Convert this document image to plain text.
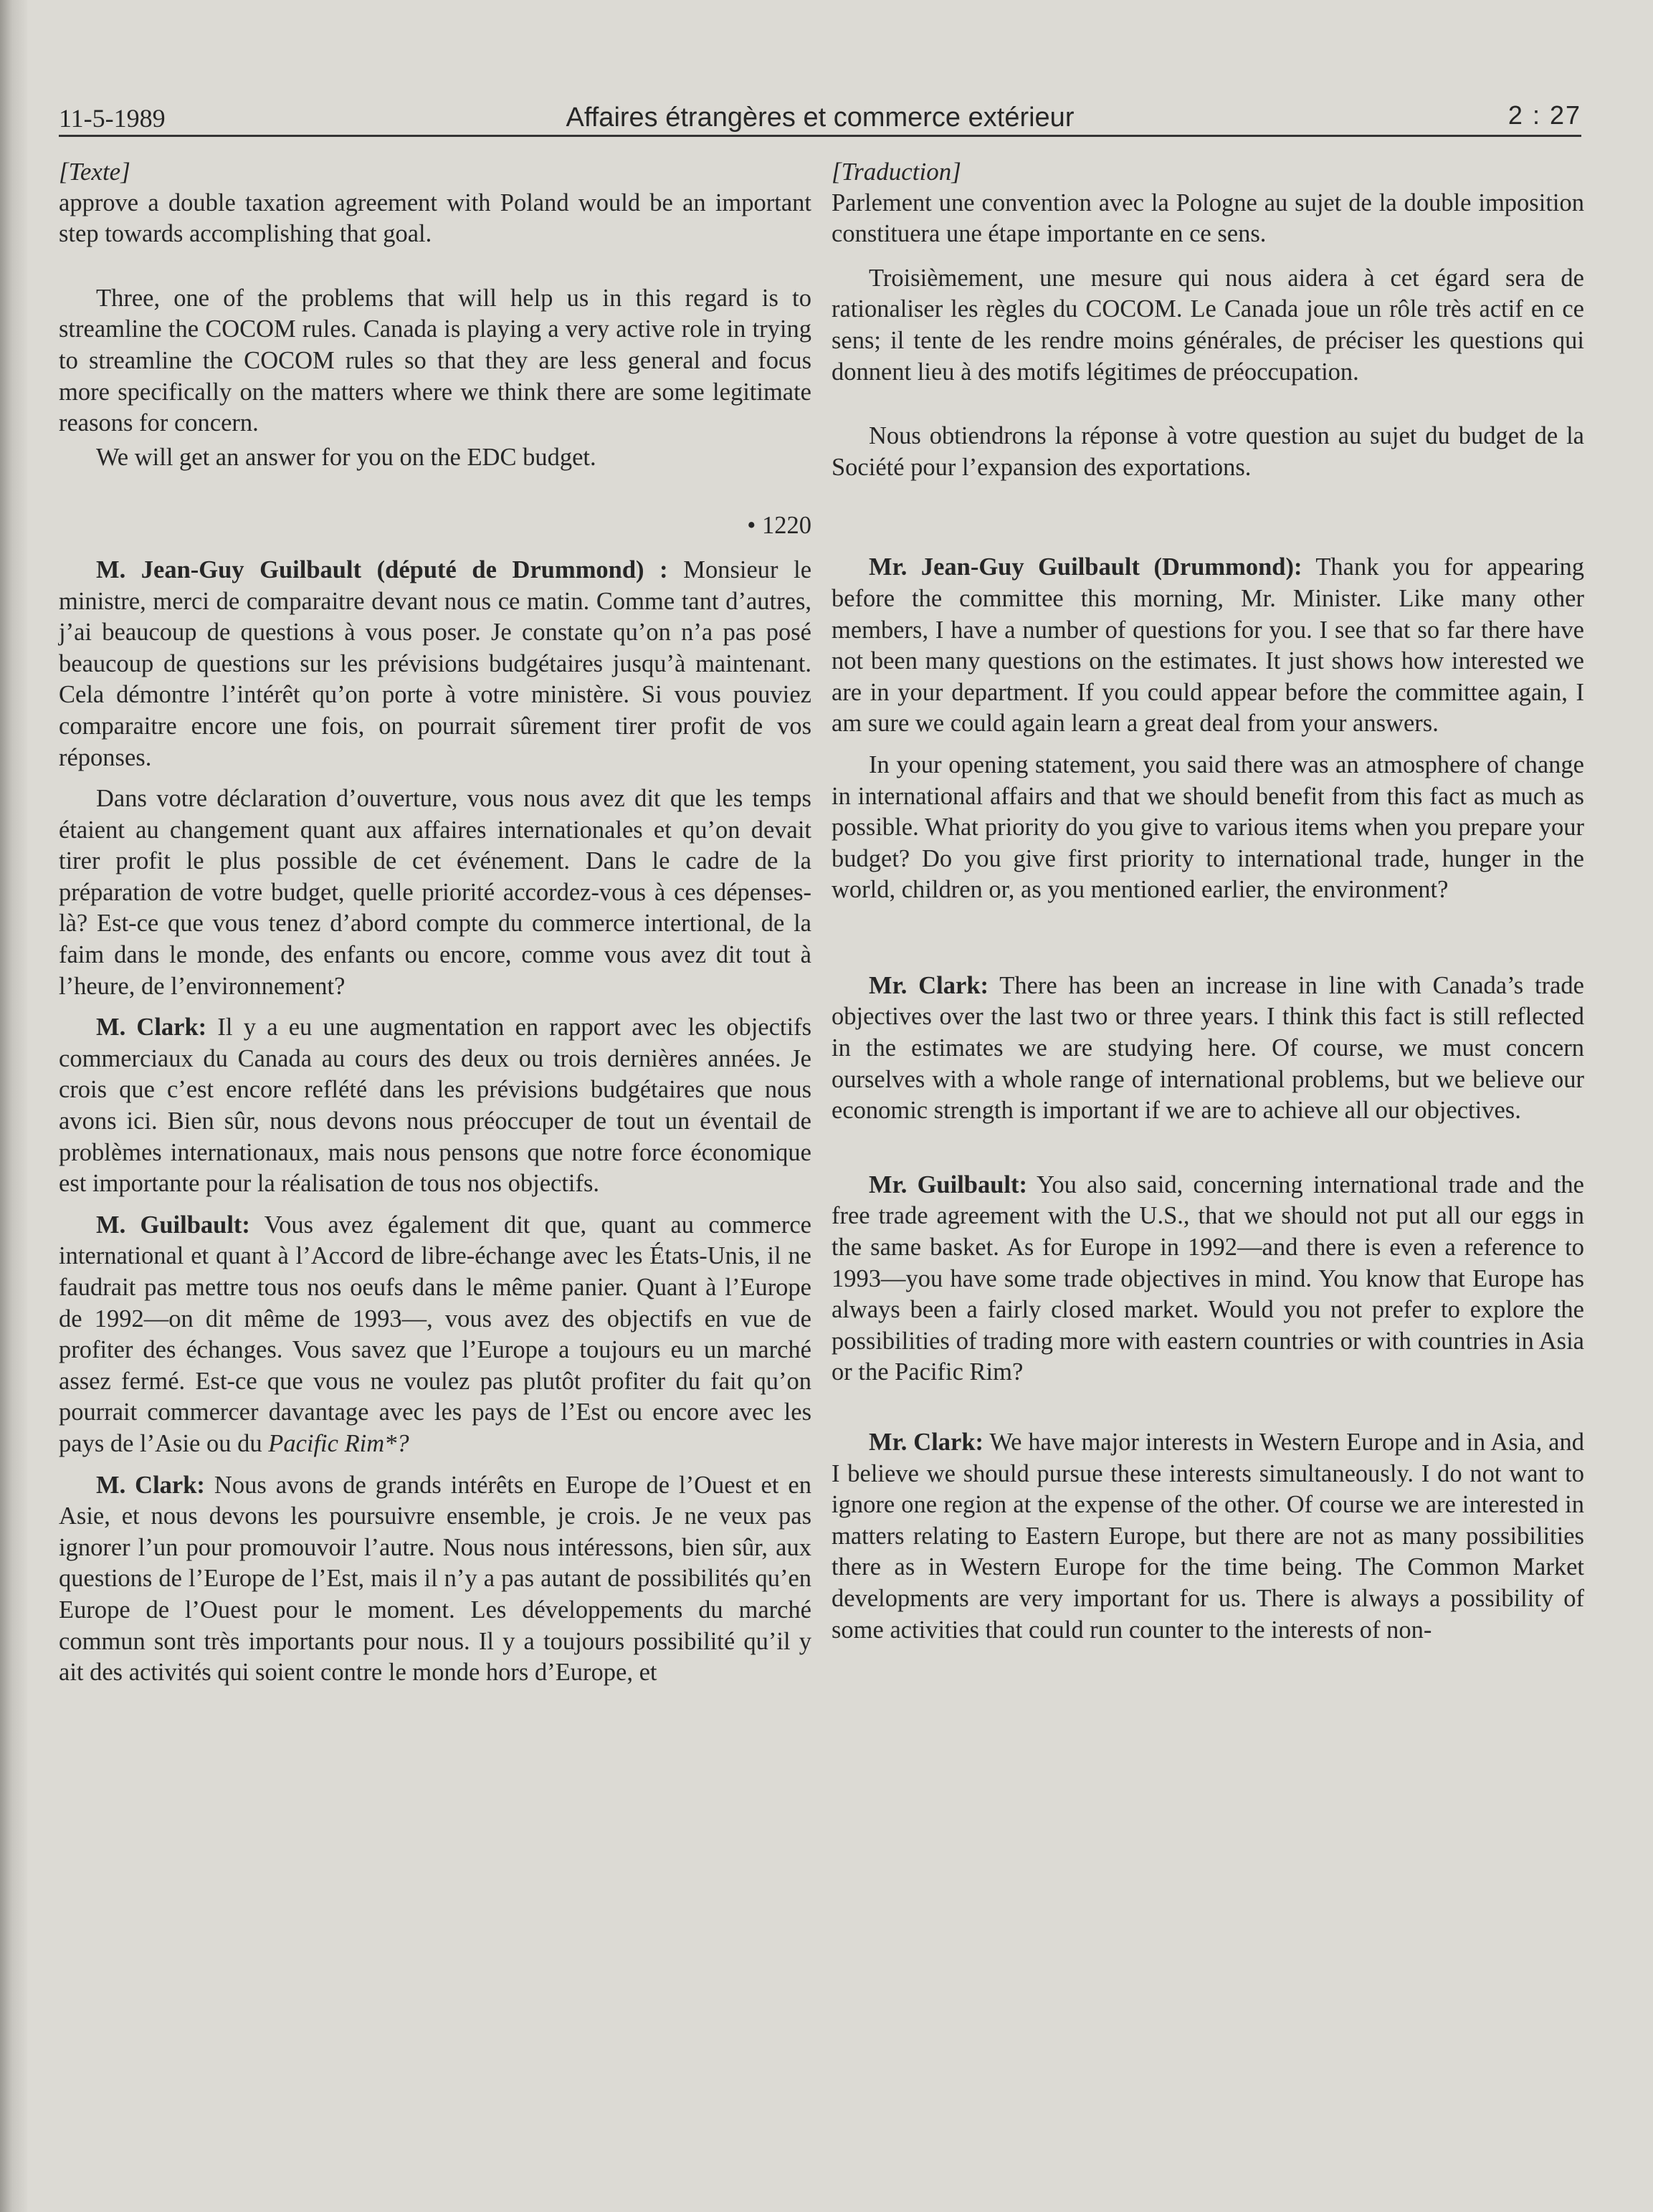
11-5-1989	Affaires étrangères et commerce extérieur	2 : 27
[Texte]

approve a double taxation agreement with Poland would be an important step towards accomplishing that goal.

Three, one of the problems that will help us in this regard is to streamline the COCOM rules. Canada is playing a very active role in trying to streamline the COCOM rules so that they are less general and focus more specifically on the matters where we think there are some legitimate reasons for concern.

We will get an answer for you on the EDC budget.

• 1220

M. Jean-Guy Guilbault (député de Drummond) : Monsieur le ministre, merci de comparaitre devant nous ce matin. Comme tant d’autres, j’ai beaucoup de questions à vous poser. Je constate qu’on n’a pas posé beaucoup de questions sur les prévisions budgétaires jusqu’à maintenant. Cela démontre l’intérêt qu’on porte à votre ministère. Si vous pouviez comparaitre encore une fois, on pourrait sûrement tirer profit de vos réponses.

Dans votre déclaration d’ouverture, vous nous avez dit que les temps étaient au changement quant aux affaires internationales et qu’on devait tirer profit le plus possible de cet événement. Dans le cadre de la préparation de votre budget, quelle priorité accordez-vous à ces dépenses-là? Est-ce que vous tenez d’abord compte du commerce intertional, de la faim dans le monde, des enfants ou encore, comme vous avez dit tout à l’heure, de l’environnement?

M. Clark: Il y a eu une augmentation en rapport avec les objectifs commerciaux du Canada au cours des deux ou trois dernières années. Je crois que c’est encore reflété dans les prévisions budgétaires que nous avons ici. Bien sûr, nous devons nous préoccuper de tout un éventail de problèmes internationaux, mais nous pensons que notre force économique est importante pour la réalisation de tous nos objectifs.

M. Guilbault: Vous avez également dit que, quant au commerce international et quant à l’Accord de libre-échange avec les États-Unis, il ne faudrait pas mettre tous nos oeufs dans le même panier. Quant à l’Europe de 1992—on dit même de 1993—, vous avez des objectifs en vue de profiter des échanges. Vous savez que l’Europe a toujours eu un marché assez fermé. Est-ce que vous ne voulez pas plutôt profiter du fait qu’on pourrait commercer davantage avec les pays de l’Est ou encore avec les pays de l’Asie ou du Pacific Rim*?

M. Clark: Nous avons de grands intérêts en Europe de l’Ouest et en Asie, et nous devons les poursuivre ensemble, je crois. Je ne veux pas ignorer l’un pour promouvoir l’autre. Nous nous intéressons, bien sûr, aux questions de l’Europe de l’Est, mais il n’y a pas autant de possibilités qu’en Europe de l’Ouest pour le moment. Les développements du marché commun sont très importants pour nous. Il y a toujours possibilité qu’il y ait des activités qui soient contre le monde hors d’Europe, et

[Traduction]

Parlement une convention avec la Pologne au sujet de la double imposition constituera une étape importante en ce sens.

Troisièmement, une mesure qui nous aidera à cet égard sera de rationaliser les règles du COCOM. Le Canada joue un rôle très actif en ce sens; il tente de les rendre moins générales, de préciser les questions qui donnent lieu à des motifs légitimes de préoccupation.

Nous obtiendrons la réponse à votre question au sujet du budget de la Société pour l’expansion des exportations.

Mr. Jean-Guy Guilbault (Drummond): Thank you for appearing before the committee this morning, Mr. Minister. Like many other members, I have a number of questions for you. I see that so far there have not been many questions on the estimates. It just shows how interested we are in your department. If you could appear before the committee again, I am sure we could again learn a great deal from your answers.

In your opening statement, you said there was an atmosphere of change in international affairs and that we should benefit from this fact as much as possible. What priority do you give to various items when you prepare your budget? Do you give first priority to international trade, hunger in the world, children or, as you mentioned earlier, the environment?

Mr. Clark: There has been an increase in line with Canada’s trade objectives over the last two or three years. I think this fact is still reflected in the estimates we are studying here. Of course, we must concern ourselves with a whole range of international problems, but we believe our economic strength is important if we are to achieve all our objectives.

Mr. Guilbault: You also said, concerning international trade and the free trade agreement with the U.S., that we should not put all our eggs in the same basket. As for Europe in 1992—and there is even a reference to 1993—you have some trade objectives in mind. You know that Europe has always been a fairly closed market. Would you not prefer to explore the possibilities of trading more with eastern countries or with countries in Asia or the Pacific Rim?

Mr. Clark: We have major interests in Western Europe and in Asia, and I believe we should pursue these interests simultaneously. I do not want to ignore one region at the expense of the other. Of course we are interested in matters relating to Eastern Europe, but there are not as many possibilities there as in Western Europe for the time being. The Common Market developments are very important for us. There is always a possibility of some activities that could run counter to the interests of non-
